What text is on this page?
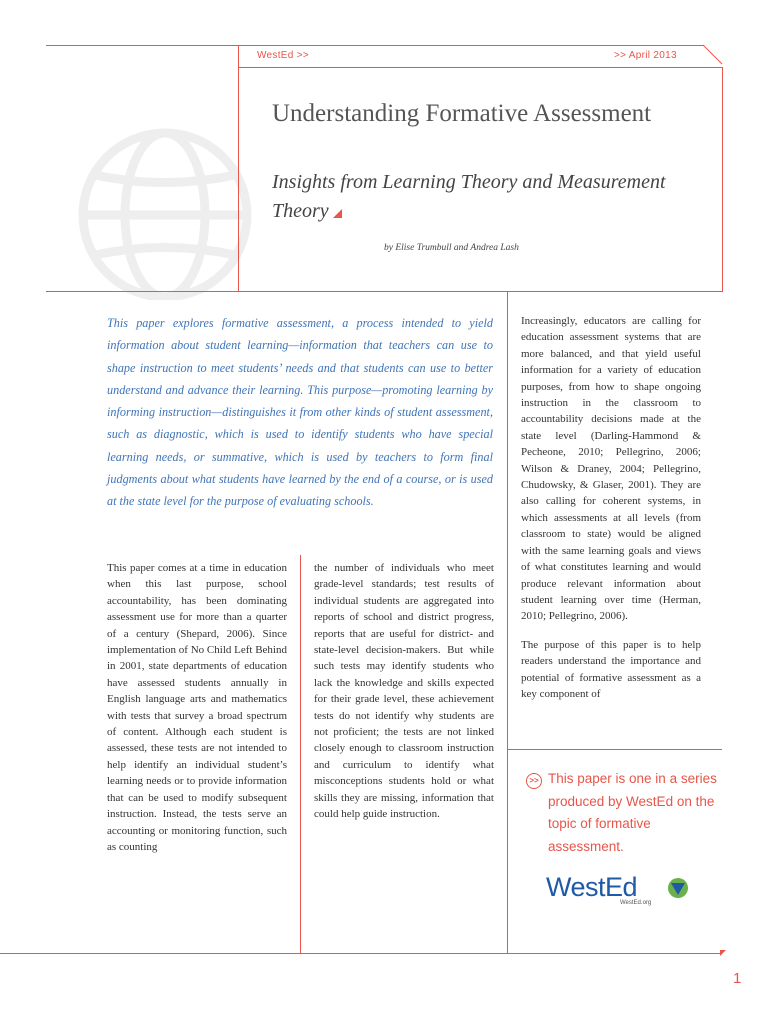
WestEd >>	>> April 2013
Understanding Formative Assessment
Insights from Learning Theory and Measurement Theory
by Elise Trumbull and Andrea Lash
This paper explores formative assessment, a process intended to yield information about student learning—information that teachers can use to shape instruction to meet students’ needs and that students can use to better understand and advance their learning. This purpose—promoting learning by informing instruction—distinguishes it from other kinds of student assessment, such as diagnostic, which is used to identify students who have special learning needs, or summative, which is used by teachers to form final judgments about what students have learned by the end of a course, or is used at the state level for the purpose of evaluating schools.

This paper comes at a time in education when this last purpose, school accountability, has been dominating assessment use for more than a quarter of a century (Shepard, 2006). Since implementation of No Child Left Behind in 2001, state departments of education have assessed students annually in English language arts and mathematics with tests that survey a broad spectrum of content. Although each student is assessed, these tests are not intended to help identify an individual student’s learning needs or to provide information that can be used to modify subsequent instruction. Instead, the tests serve an accounting or monitoring function, such as counting

the number of individuals who meet grade-level standards; test results of individual students are aggregated into reports of school and district progress, reports that are useful for district- and state-level decision-makers. But while such tests may identify students who lack the knowledge and skills expected for their grade level, these achievement tests do not identify why students are not proficient; the tests are not linked closely enough to classroom instruction and curriculum to identify what misconceptions students hold or what skills they are missing, information that could help guide instruction.

Increasingly, educators are calling for education assessment systems that are more balanced, and that yield useful information for a variety of education purposes, from how to shape ongoing instruction in the classroom to accountability decisions made at the state level (Darling-Hammond & Pecheone, 2010; Pellegrino, 2006; Wilson & Draney, 2004; Pellegrino, Chudowsky, & Glaser, 2001). They are also calling for coherent systems, in which assessments at all levels (from classroom to state) would be aligned with the same learning goals and views of what constitutes learning and would produce relevant information about student learning over time (Herman, 2010; Pellegrino, 2006).

The purpose of this paper is to help readers understand the importance and potential of formative assessment as a key component of

>> This paper is one in a series produced by WestEd on the topic of formative assessment.
WestEd
WestEd.org
1
